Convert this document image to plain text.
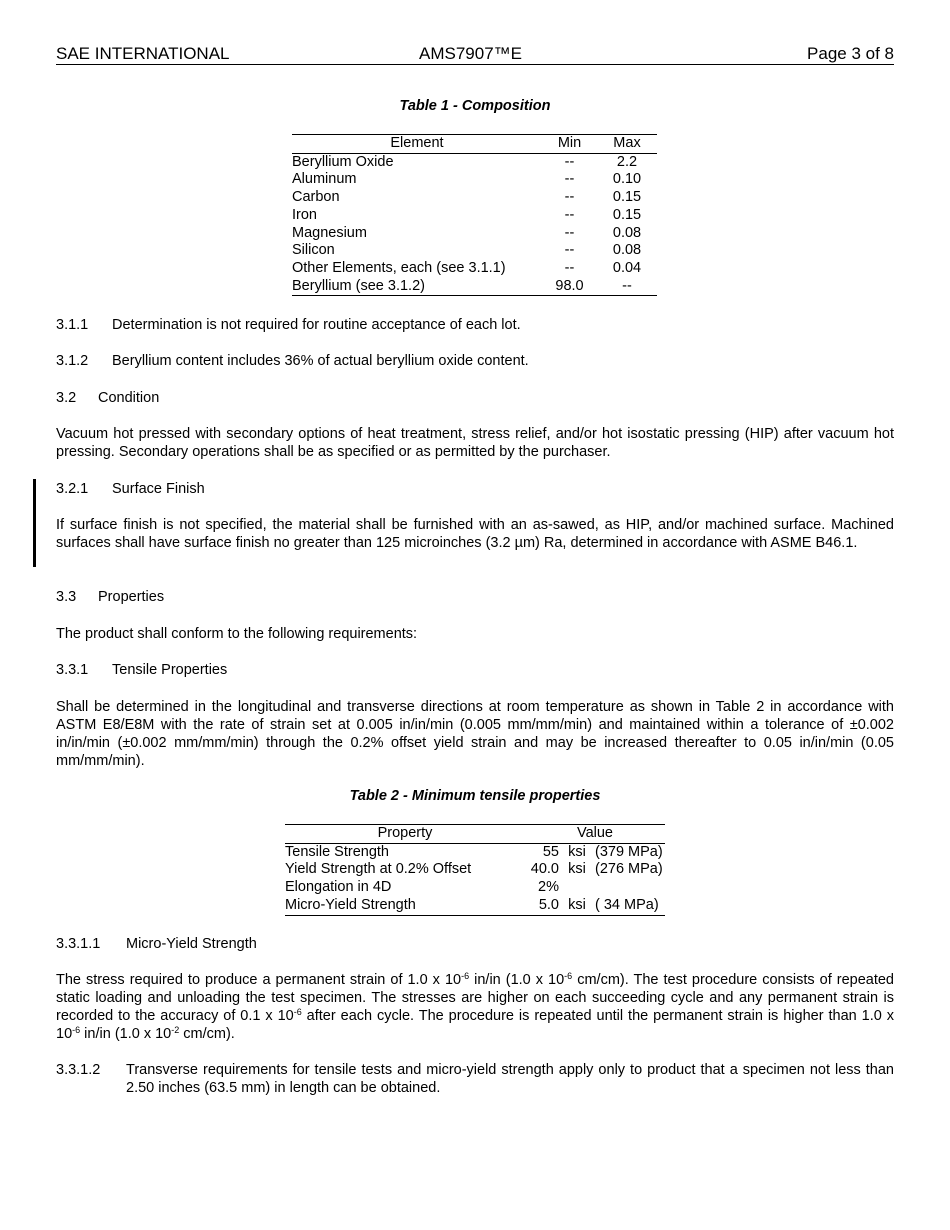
SAE INTERNATIONAL	AMS7907™E	Page 3 of 8
Table 1 - Composition
Element	Min	Max
Beryllium Oxide	--	2.2
Aluminum	--	0.10
Carbon	--	0.15
Iron	--	0.15
Magnesium	--	0.08
Silicon	--	0.08
Other Elements, each (see 3.1.1)	--	0.04
Beryllium (see 3.1.2)	98.0	--
3.1.1 Determination is not required for routine acceptance of each lot.
3.1.2 Beryllium content includes 36% of actual beryllium oxide content.
3.2 Condition
Vacuum hot pressed with secondary options of heat treatment, stress relief, and/or hot isostatic pressing (HIP) after vacuum hot pressing. Secondary operations shall be as specified or as permitted by the purchaser.
3.2.1 Surface Finish
If surface finish is not specified, the material shall be furnished with an as-sawed, as HIP, and/or machined surface. Machined surfaces shall have surface finish no greater than 125 microinches (3.2 µm) Ra, determined in accordance with ASME B46.1.
3.3 Properties
The product shall conform to the following requirements:
3.3.1 Tensile Properties
Shall be determined in the longitudinal and transverse directions at room temperature as shown in Table 2 in accordance with ASTM E8/E8M with the rate of strain set at 0.005 in/in/min (0.005 mm/mm/min) and maintained within a tolerance of ±0.002 in/in/min (±0.002 mm/mm/min) through the 0.2% offset yield strain and may be increased thereafter to 0.05 in/in/min (0.05 mm/mm/min).
Table 2 - Minimum tensile properties
Property	Value
Tensile Strength	55 ksi (379 MPa)
Yield Strength at 0.2% Offset	40.0 ksi (276 MPa)
Elongation in 4D	2%
Micro-Yield Strength	5.0 ksi ( 34 MPa)
3.3.1.1 Micro-Yield Strength
The stress required to produce a permanent strain of 1.0 x $10^{-6}$ in/in (1.0 x $10^{-6}$ cm/cm). The test procedure consists of repeated static loading and unloading the test specimen. The stresses are higher on each succeeding cycle and any permanent strain is recorded to the accuracy of 0.1 x $10^{-6}$ after each cycle. The procedure is repeated until the permanent strain is higher than 1.0 x $10^{-6}$ in/in (1.0 x $10^{-2}$ cm/cm).
3.3.1.2 Transverse requirements for tensile tests and micro-yield strength apply only to product that a specimen not less than 2.50 inches (63.5 mm) in length can be obtained.
